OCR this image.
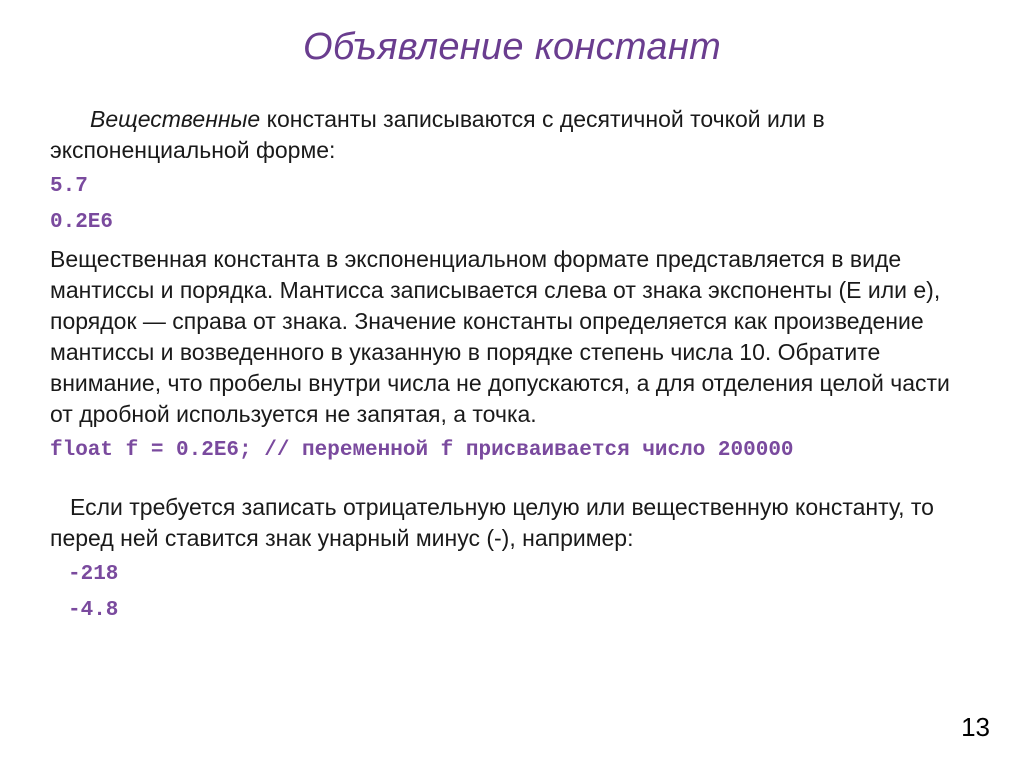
Объявление констант

Вещественные константы записываются с десятичной точкой или в экспоненциальной форме:

5.7
0.2E6

Вещественная константа в экспоненциальном формате представляется в виде мантиссы и порядка. Мантисса записывается слева от знака экспоненты (Е или е), порядок — справа от знака. Значение константы определяется как произведение мантиссы и возведенного в указанную в порядке степень числа 10. Обратите внимание, что пробелы внутри числа не допускаются, а для отделения целой части от дробной используется не запятая, а точка.

float f = 0.2E6; // переменной f присваивается число 200000

Если требуется записать отрицательную целую или вещественную константу, то перед ней ставится знак унарный минус (-), например:

-218
-4.8
13
